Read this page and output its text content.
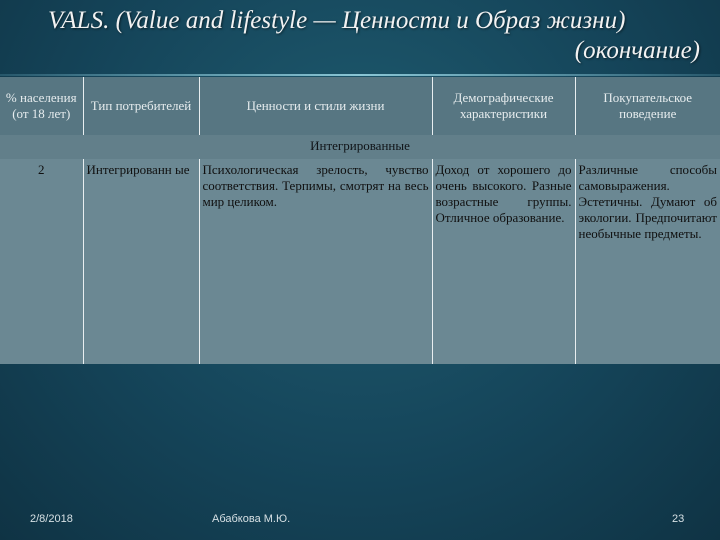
VALS. (Value and lifestyle — Ценности и Образ жизни)
(окончание)
% населения (от 18 лет)	Тип потребителей	Ценности и стили жизни	Демографические характеристики	Покупательское поведение
Интегрированные				
2	Интегрированн ые	Психологическая зрелость, чувство соответствия. Терпимы, смотрят на весь мир целиком.	Доход от хорошего до очень высокого. Разные возрастные группы. Отличное образование.	Различные способы самовыражения. Эстетичны. Думают об экологии. Предпочитают необычные предметы.
2/8/2018	Абабкова М.Ю.	23
